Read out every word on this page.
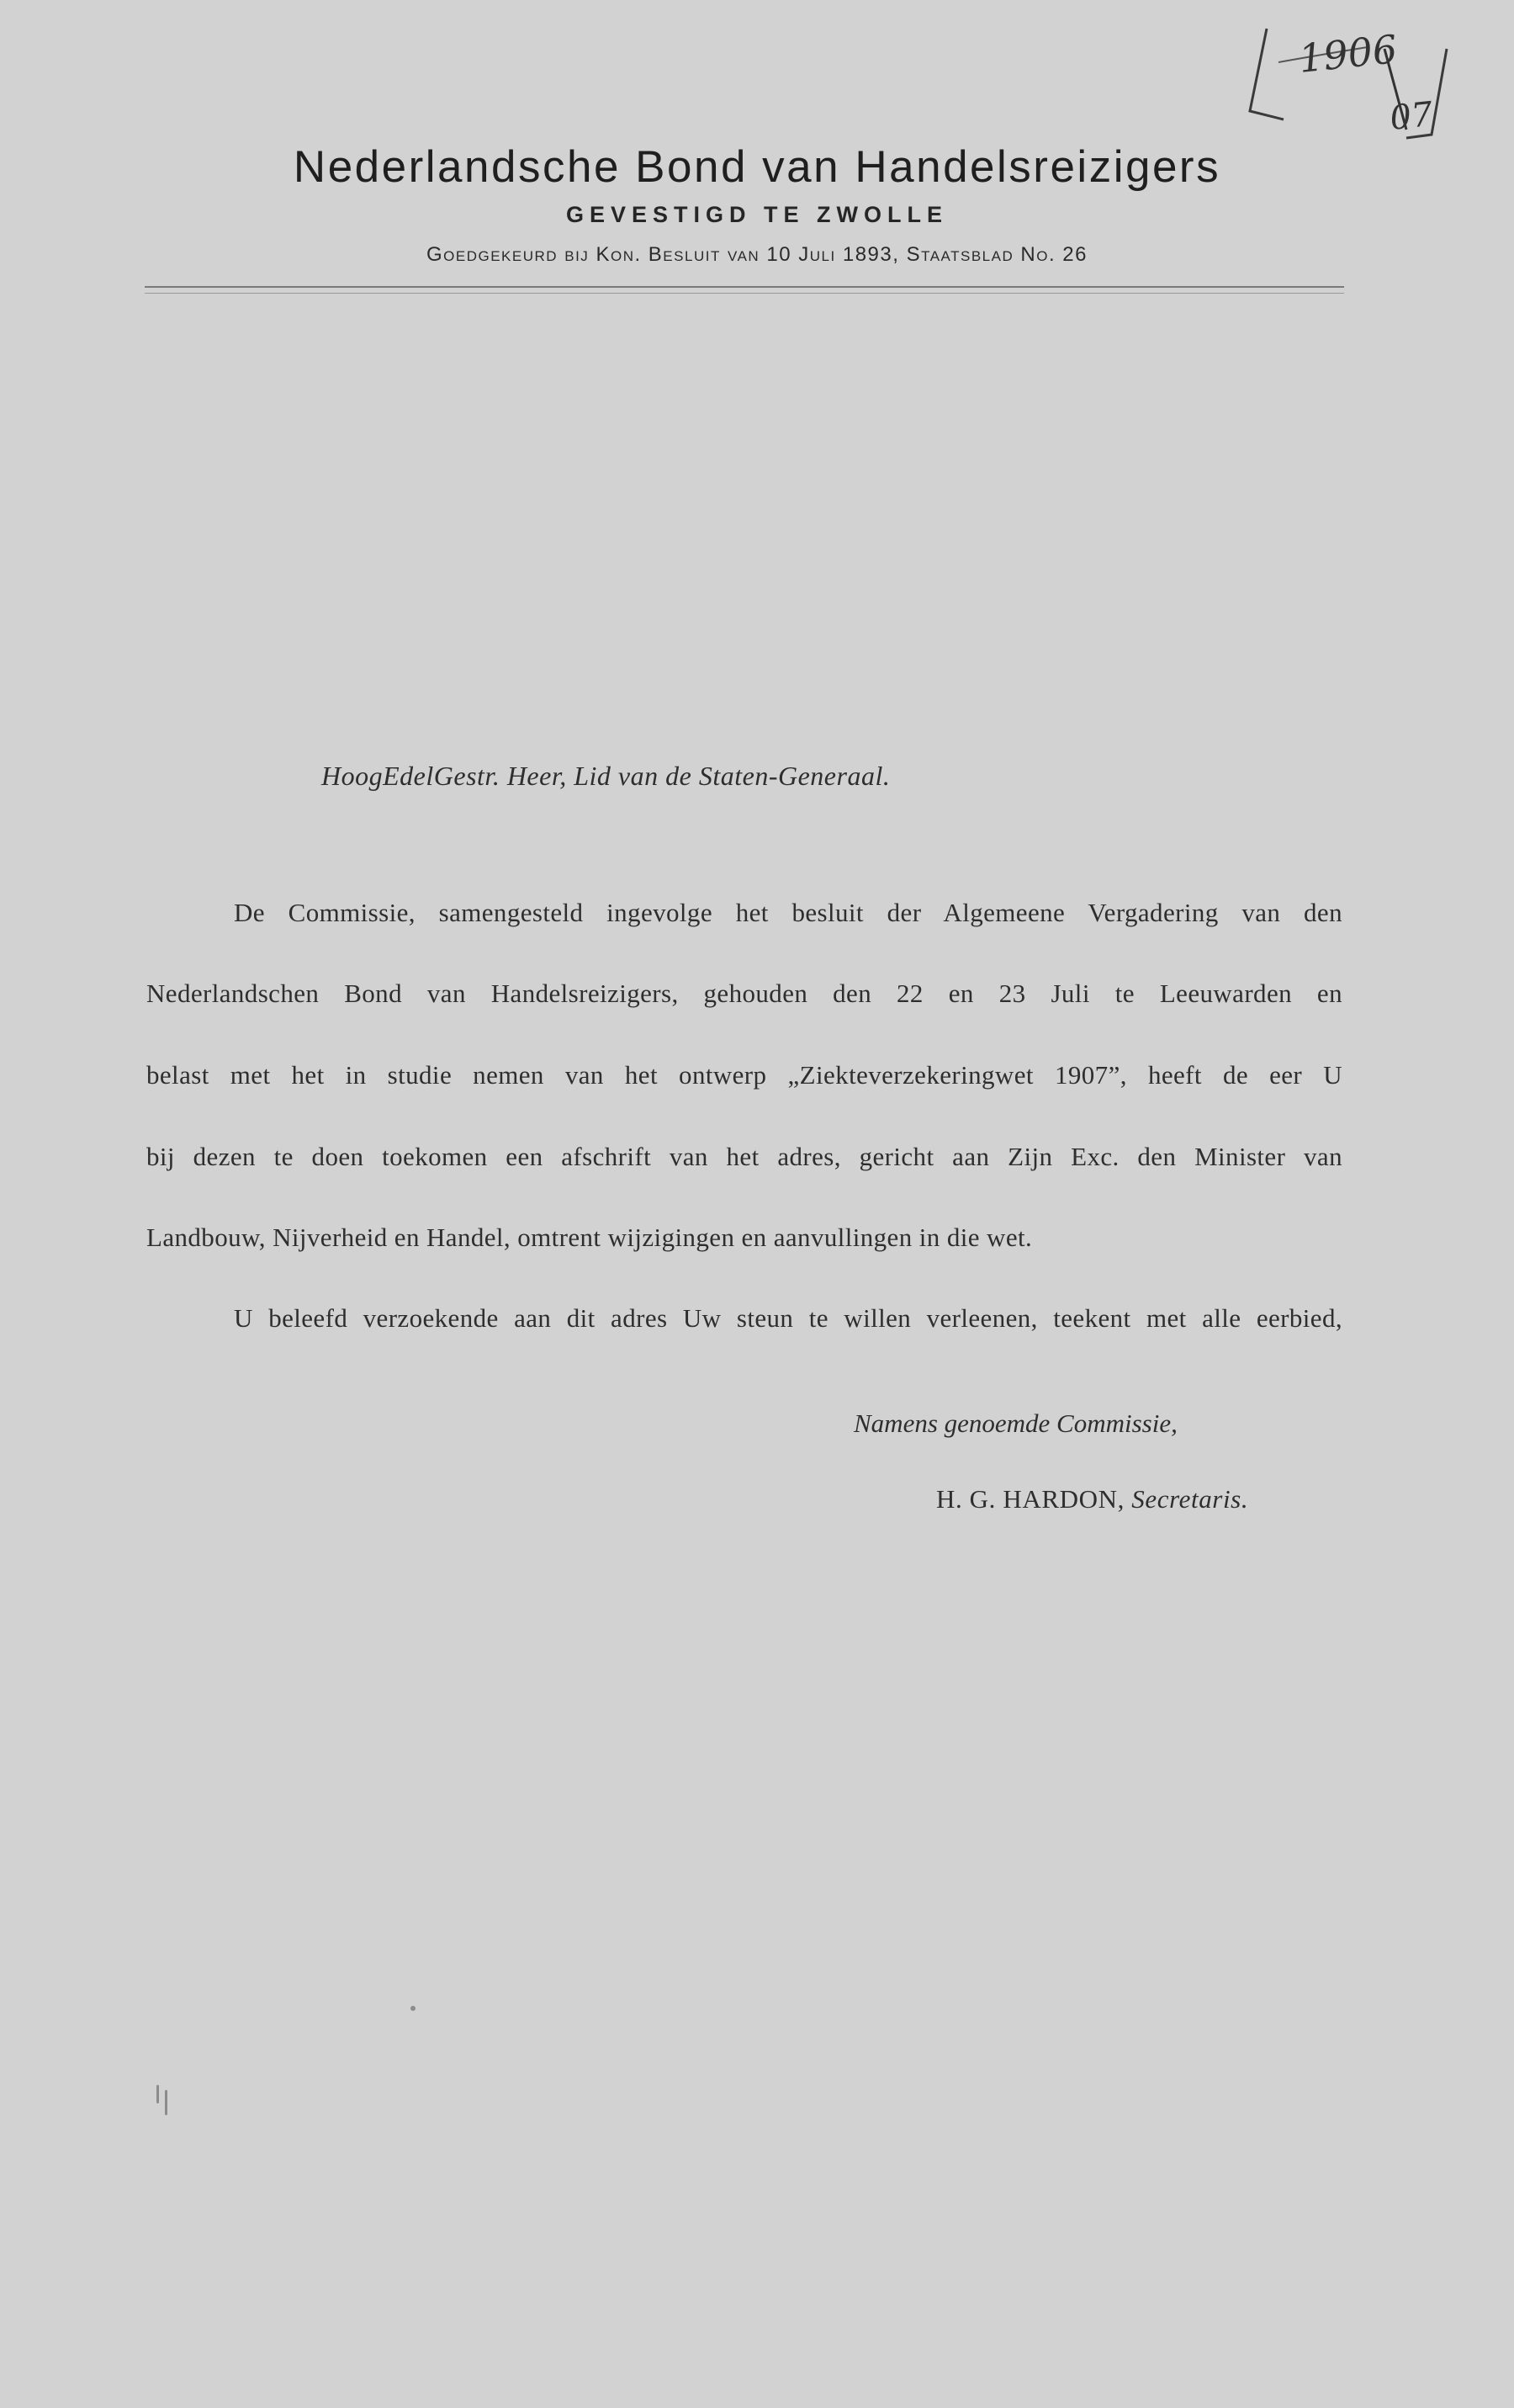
1906
07
Nederlandsche Bond van Handelsreizigers
GEVESTIGD TE ZWOLLE
Goedgekeurd bij Kon. Besluit van 10 Juli 1893, Staatsblad No. 26
HoogEdelGestr. Heer, Lid van de Staten-Generaal.
De Commissie, samengesteld ingevolge het besluit der Algemeene Vergadering van den
Nederlandschen Bond van Handelsreizigers, gehouden den 22 en 23 Juli te Leeuwarden en
belast met het in studie nemen van het ontwerp „Ziekteverzekeringwet 1907”, heeft de eer U
bij dezen te doen toekomen een afschrift van het adres, gericht aan Zijn Exc. den Minister van
Landbouw, Nijverheid en Handel, omtrent wijzigingen en aanvullingen in die wet.
U beleefd verzoekende aan dit adres Uw steun te willen verleenen, teekent met alle eerbied,
Namens genoemde Commissie,
H. G. HARDON, Secretaris.
